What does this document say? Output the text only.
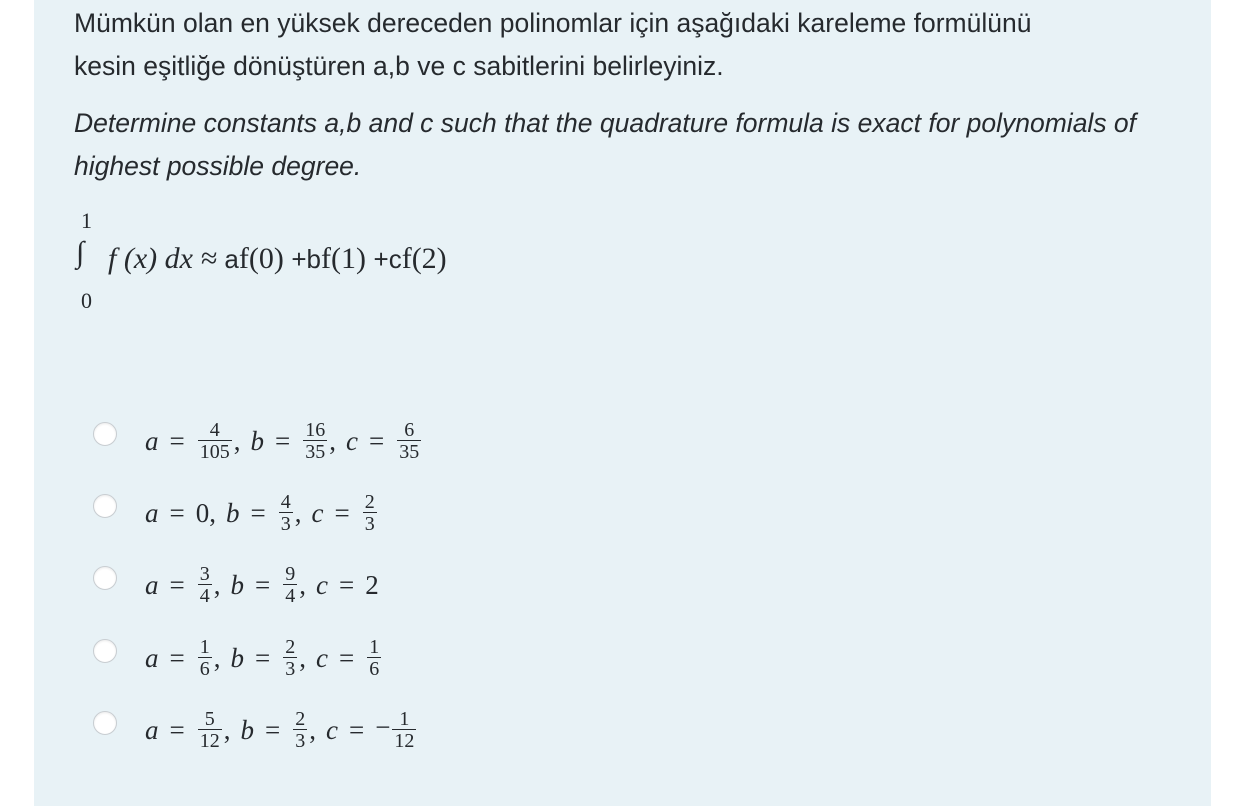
Mümkün olan en yüksek dereceden polinomlar için aşağıdaki kareleme formülünü kesin eşitliğe dönüştüren a,b ve c sabitlerini belirleyiniz.

Determine constants a,b and c such that the quadrature formula is exact for polynomials of highest possible degree.

1
∫
0
f (x) dx ≈ af(0) +bf(1) +cf(2)
$a = \frac{4}{105}$ , $b = \frac{16}{35}$ , $c = \frac{6}{35}$
a = 0 , $b = \frac{4}{3}$ , $c = \frac{2}{3}$
$a = \frac{3}{4}$ , $b = \frac{9}{4}$ , c = 2
$a = \frac{1}{6}$ , $b = \frac{2}{3}$ , $c = \frac{1}{6}$
$a = \frac{5}{12}$ , $b = \frac{2}{3}$ , c = − $\frac{1}{12}$
